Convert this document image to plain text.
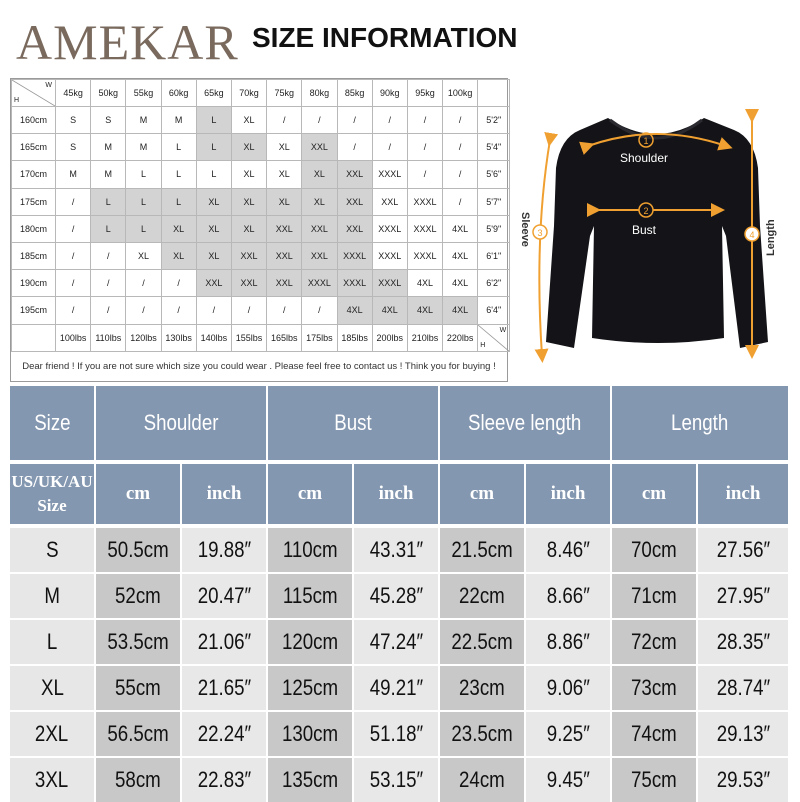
AMEKAR SIZE INFORMATION
H
W	45kg	50kg	55kg	60kg	65kg	70kg	75kg	80kg	85kg	90kg	95kg	100kg	
160cm	S	S	M	M	L	XL	/	/	/	/	/	/	5'2"
165cm	S	M	M	L	L	XL	XL	XXL	/	/	/	/	5'4"
170cm	M	M	L	L	L	XL	XL	XL	XXL	XXXL	/	/	5'6"
175cm	/	L	L	L	XL	XL	XL	XL	XXL	XXL	XXXL	/	5'7"
180cm	/	L	L	XL	XL	XL	XXL	XXL	XXL	XXXL	XXXL	4XL	5'9"
185cm	/	/	XL	XL	XL	XXL	XXL	XXL	XXXL	XXXL	XXXL	4XL	6'1"
190cm	/	/	/	/	XXL	XXL	XXL	XXXL	XXXL	XXXL	4XL	4XL	6'2"
195cm	/	/	/	/	/	/	/	/	4XL	4XL	4XL	4XL	6'4"
	100lbs	110lbs	120lbs	130lbs	140lbs	155lbs	165lbs	175lbs	185lbs	200lbs	210lbs	220lbs	H
W
Dear friend ! If you are not sure which size you could wear . Please feel free to contact us ! Think you for buying !
1
Shoulder
2
Bust
3
Sleeve	4 Length
Size	Shoulder	Bust	Sleeve length	Length
US/UK/AU
Size
cm	inch	cm	inch	cm	inch	cm	inch
S 50.5cm 19.88″ 110cm 43.31″ 21.5cm 8.46″ 70cm 27.56″
M	52cm 20.47″ 115cm 45.28″ 22cm 8.66″ 71cm 27.95″
L 53.5cm 21.06″ 120cm 47.24″ 22.5cm 8.86″ 72cm 28.35″
XL 55cm 21.65″ 125cm 49.21″ 23cm 9.06″ 73cm 28.74″
2XL 56.5cm 22.24″ 130cm 51.18″ 23.5cm 9.25″ 74cm 29.13″
3XL 58cm 22.83″ 135cm 53.15″ 24cm 9.45″ 75cm 29.53″
